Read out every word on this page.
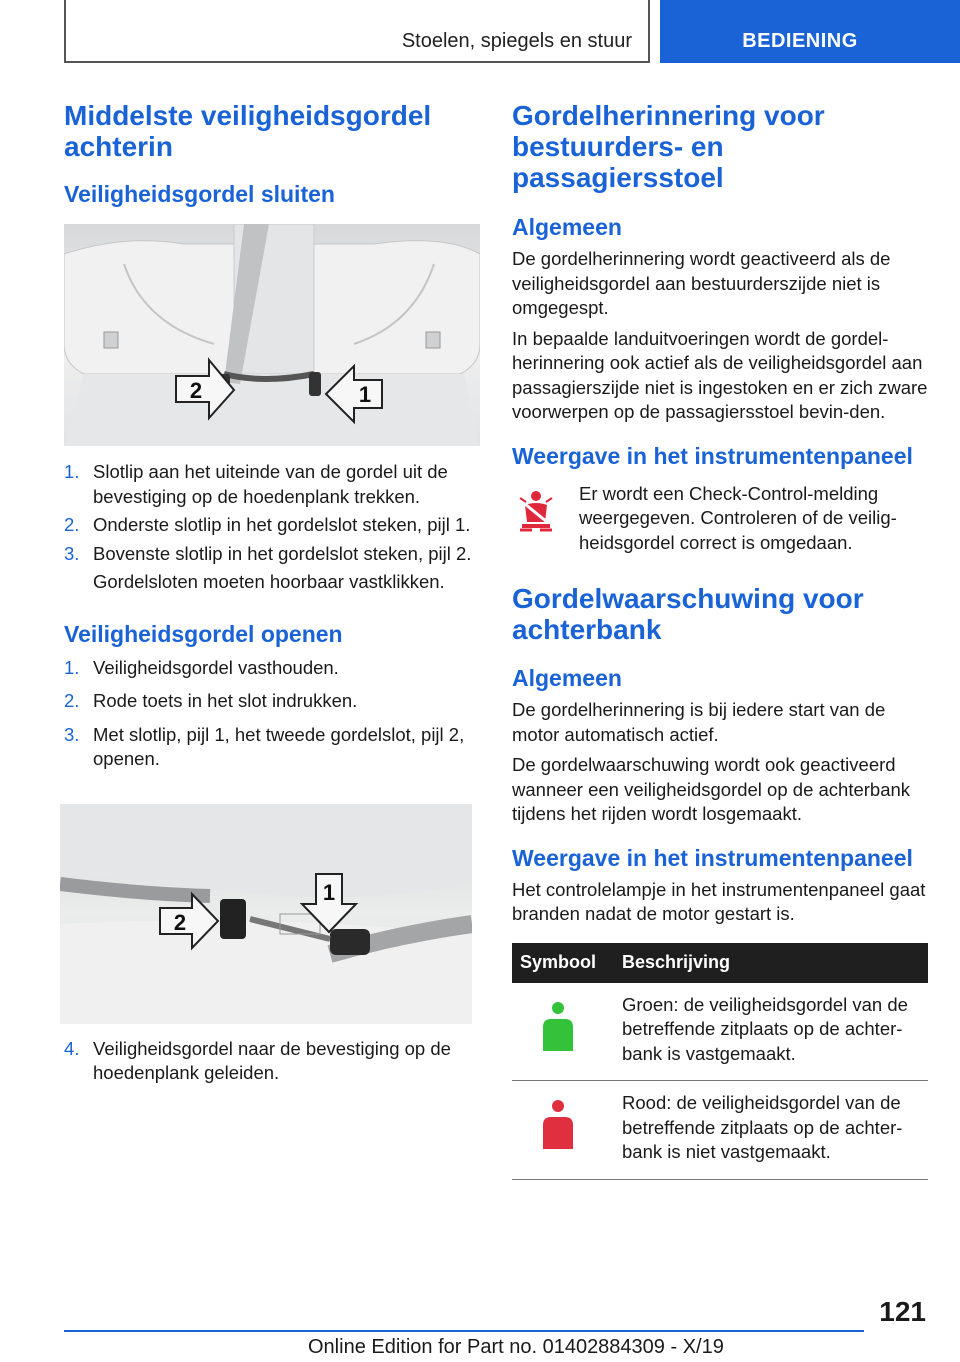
Stoelen, spiegels en stuur	BEDIENING
Middelste veiligheidsgordel achterin
Veiligheidsgordel sluiten
2	1
1. Slotlip aan het uiteinde van de gordel uit de bevestiging op de hoedenplank trekken.
2. Onderste slotlip in het gordelslot steken, pijl 1.
3. Bovenste slotlip in het gordelslot steken, pijl 2.

Gordelsloten moeten hoorbaar vastklikken.

Veiligheidsgordel openen
1. Veiligheidsgordel vasthouden.
2. Rode toets in het slot indrukken.
3. Met slotlip, pijl 1, het tweede gordelslot, pijl 2, openen.
2
1
4. Veiligheidsgordel naar de bevestiging op de hoedenplank geleiden.
Gordelherinnering voor bestuurders- en passagiersstoel
Algemeen

De gordelherinnering wordt geactiveerd als de veiligheidsgordel aan bestuurderszijde niet is omgegespt.

In bepaalde landuitvoeringen wordt de gordel-herinnering ook actief als de veiligheidsgordel aan passagierszijde niet is ingestoken en er zich zware voorwerpen op de passagiersstoel bevin-den.

Weergave in het instrumentenpaneel

Er wordt een Check-Control-melding weergegeven. Controleren of de veilig-heidsgordel correct is omgedaan.

Gordelwaarschuwing voor achterbank
Algemeen

De gordelherinnering is bij iedere start van de motor automatisch actief.

De gordelwaarschuwing wordt ook geactiveerd wanneer een veiligheidsgordel op de achterbank tijdens het rijden wordt losgemaakt.

Weergave in het instrumentenpaneel

Het controlelampje in het instrumentenpaneel gaat branden nadat de motor gestart is.

Symbool	Beschrijving
	Groen: de veiligheidsgordel van de betreffende zitplaats op de achter-bank is vastgemaakt.
	Rood: de veiligheidsgordel van de betreffende zitplaats op de achter-bank is niet vastgemaakt.
121
Online Edition for Part no. 01402884309 - X/19
